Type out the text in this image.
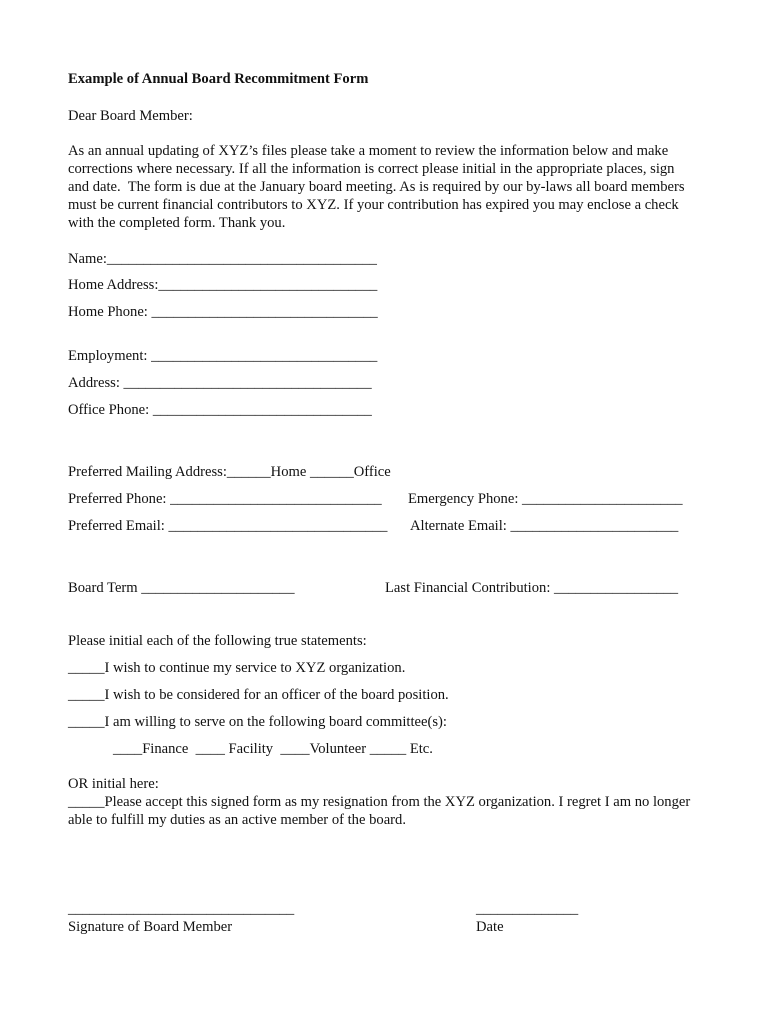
Example of Annual Board Recommitment Form
Dear Board Member:
As an annual updating of XYZ’s files please take a moment to review the information below and make
corrections where necessary. If all the information is correct please initial in the appropriate places, sign
and date.  The form is due at the January board meeting. As is required by our by-laws all board members
must be current financial contributors to XYZ. If your contribution has expired you may enclose a check
with the completed form. Thank you.
Name:_____________________________________
Home Address:______________________________
Home Phone: _______________________________
Employment: _______________________________
Address: __________________________________
Office Phone: ______________________________
Preferred Mailing Address:______Home ______Office
Preferred Phone: _____________________________ Emergency Phone: ______________________
Preferred Email: ______________________________ Alternate Email: _______________________
Board Term _____________________	Last Financial Contribution: _________________
Please initial each of the following true statements:
_____I wish to continue my service to XYZ organization.
_____I wish to be considered for an officer of the board position.
_____I am willing to serve on the following board committee(s):
____Finance  ____ Facility  ____Volunteer _____ Etc.
OR initial here:
_____Please accept this signed form as my resignation from the XYZ organization. I regret I am no longer
able to fulfill my duties as an active member of the board.
_______________________________
Signature of Board Member
______________
Date
